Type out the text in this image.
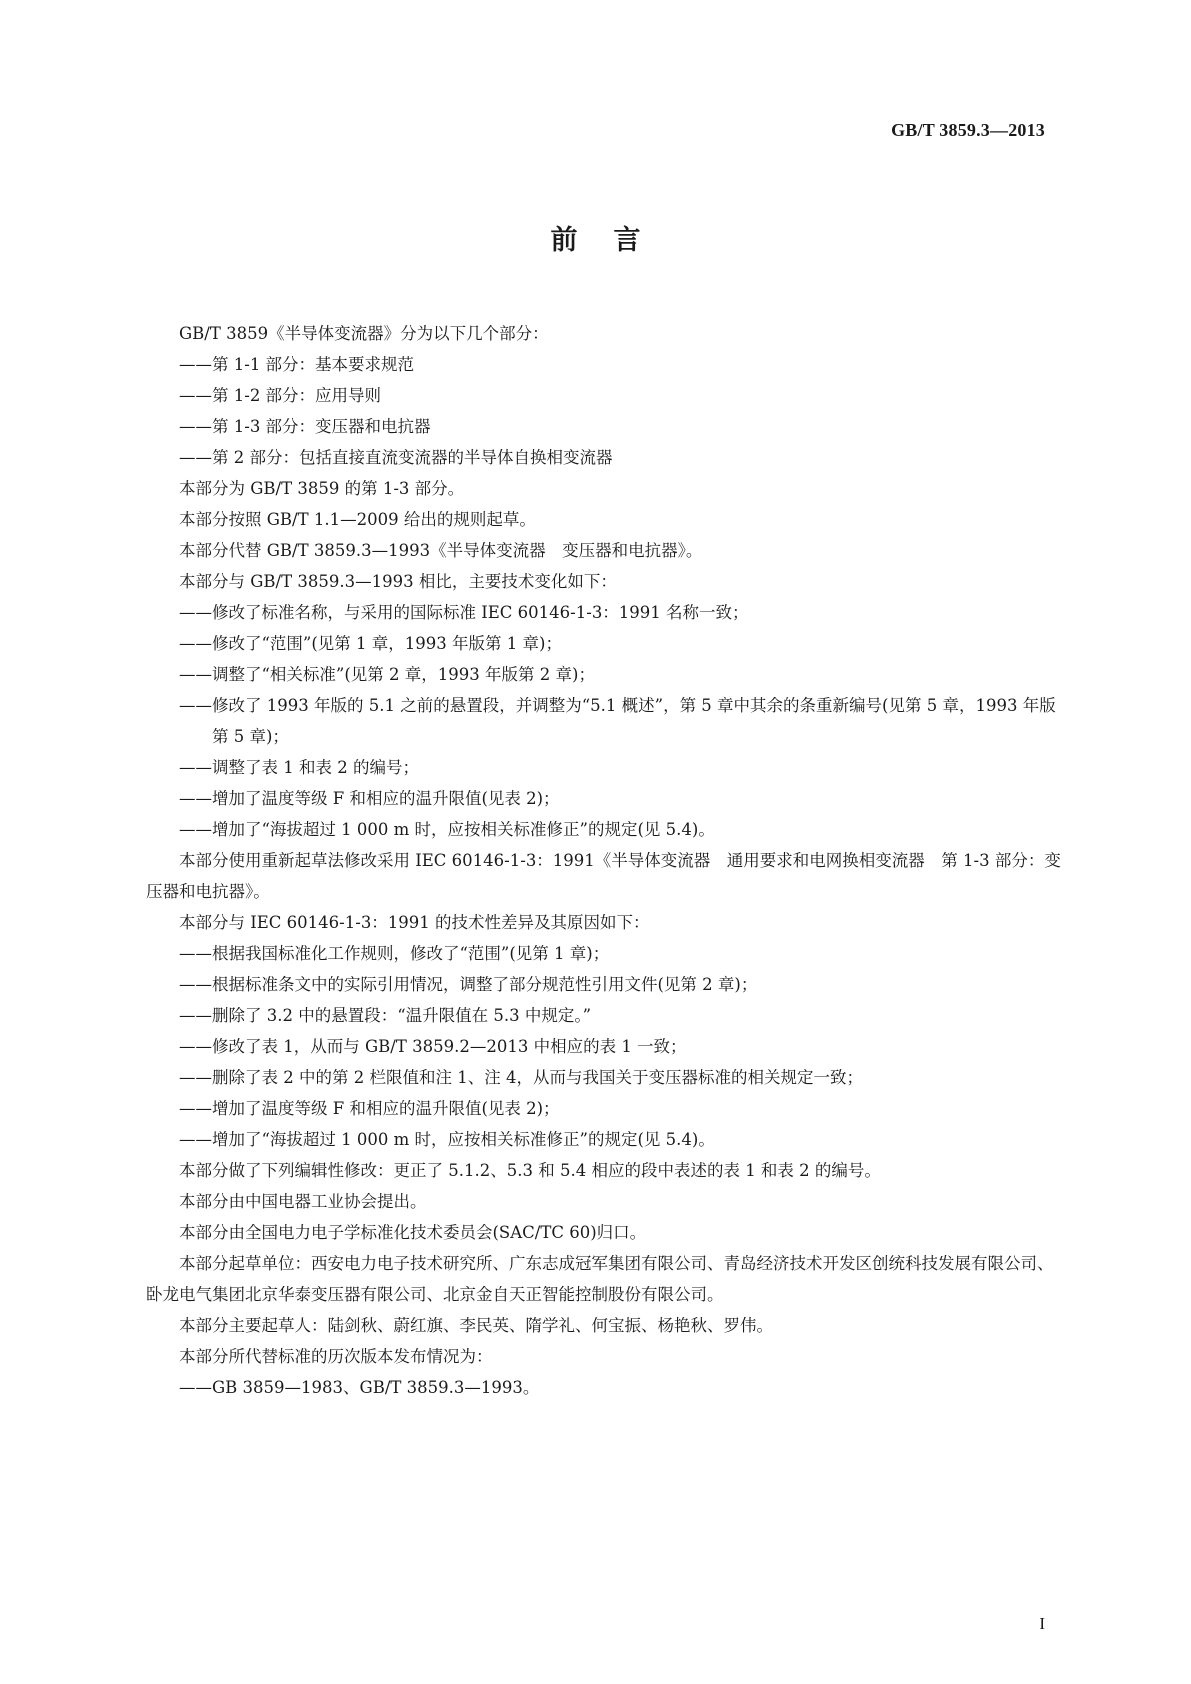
GB/T 3859.3—2013
前言

GB/T 3859《半导体变流器》分为以下几个部分：

——第 1-1 部分：基本要求规范

——第 1-2 部分：应用导则

——第 1-3 部分：变压器和电抗器

——第 2 部分：包括直接直流变流器的半导体自换相变流器

本部分为 GB/T 3859 的第 1-3 部分。

本部分按照 GB/T 1.1—2009 给出的规则起草。

本部分代替 GB/T 3859.3—1993《半导体变流器　变压器和电抗器》。

本部分与 GB/T 3859.3—1993 相比，主要技术变化如下：

——修改了标准名称，与采用的国际标准 IEC 60146-1-3：1991 名称一致；

——修改了“范围”(见第 1 章，1993 年版第 1 章)；

——调整了“相关标准”(见第 2 章，1993 年版第 2 章)；

——修改了 1993 年版的 5.1 之前的悬置段，并调整为“5.1 概述”，第 5 章中其余的条重新编号(见第 5 章，1993 年版第 5 章)；

——调整了表 1 和表 2 的编号；

——增加了温度等级 F 和相应的温升限值(见表 2)；

——增加了“海拔超过 1 000 m 时，应按相关标准修正”的规定(见 5.4)。

本部分使用重新起草法修改采用 IEC 60146-1-3：1991《半导体变流器　通用要求和电网换相变流器　第 1-3 部分：变压器和电抗器》。

本部分与 IEC 60146-1-3：1991 的技术性差异及其原因如下：

——根据我国标准化工作规则，修改了“范围”(见第 1 章)；

——根据标准条文中的实际引用情况，调整了部分规范性引用文件(见第 2 章)；

——删除了 3.2 中的悬置段：“温升限值在 5.3 中规定。”

——修改了表 1，从而与 GB/T 3859.2—2013 中相应的表 1 一致；

——删除了表 2 中的第 2 栏限值和注 1、注 4，从而与我国关于变压器标准的相关规定一致；

——增加了温度等级 F 和相应的温升限值(见表 2)；

——增加了“海拔超过 1 000 m 时，应按相关标准修正”的规定(见 5.4)。

本部分做了下列编辑性修改：更正了 5.1.2、5.3 和 5.4 相应的段中表述的表 1 和表 2 的编号。

本部分由中国电器工业协会提出。

本部分由全国电力电子学标准化技术委员会(SAC/TC 60)归口。

本部分起草单位：西安电力电子技术研究所、广东志成冠军集团有限公司、青岛经济技术开发区创统科技发展有限公司、卧龙电气集团北京华泰变压器有限公司、北京金自天正智能控制股份有限公司。

本部分主要起草人：陆剑秋、蔚红旗、李民英、隋学礼、何宝振、杨艳秋、罗伟。

本部分所代替标准的历次版本发布情况为：

——GB 3859—1983、GB/T 3859.3—1993。

I
